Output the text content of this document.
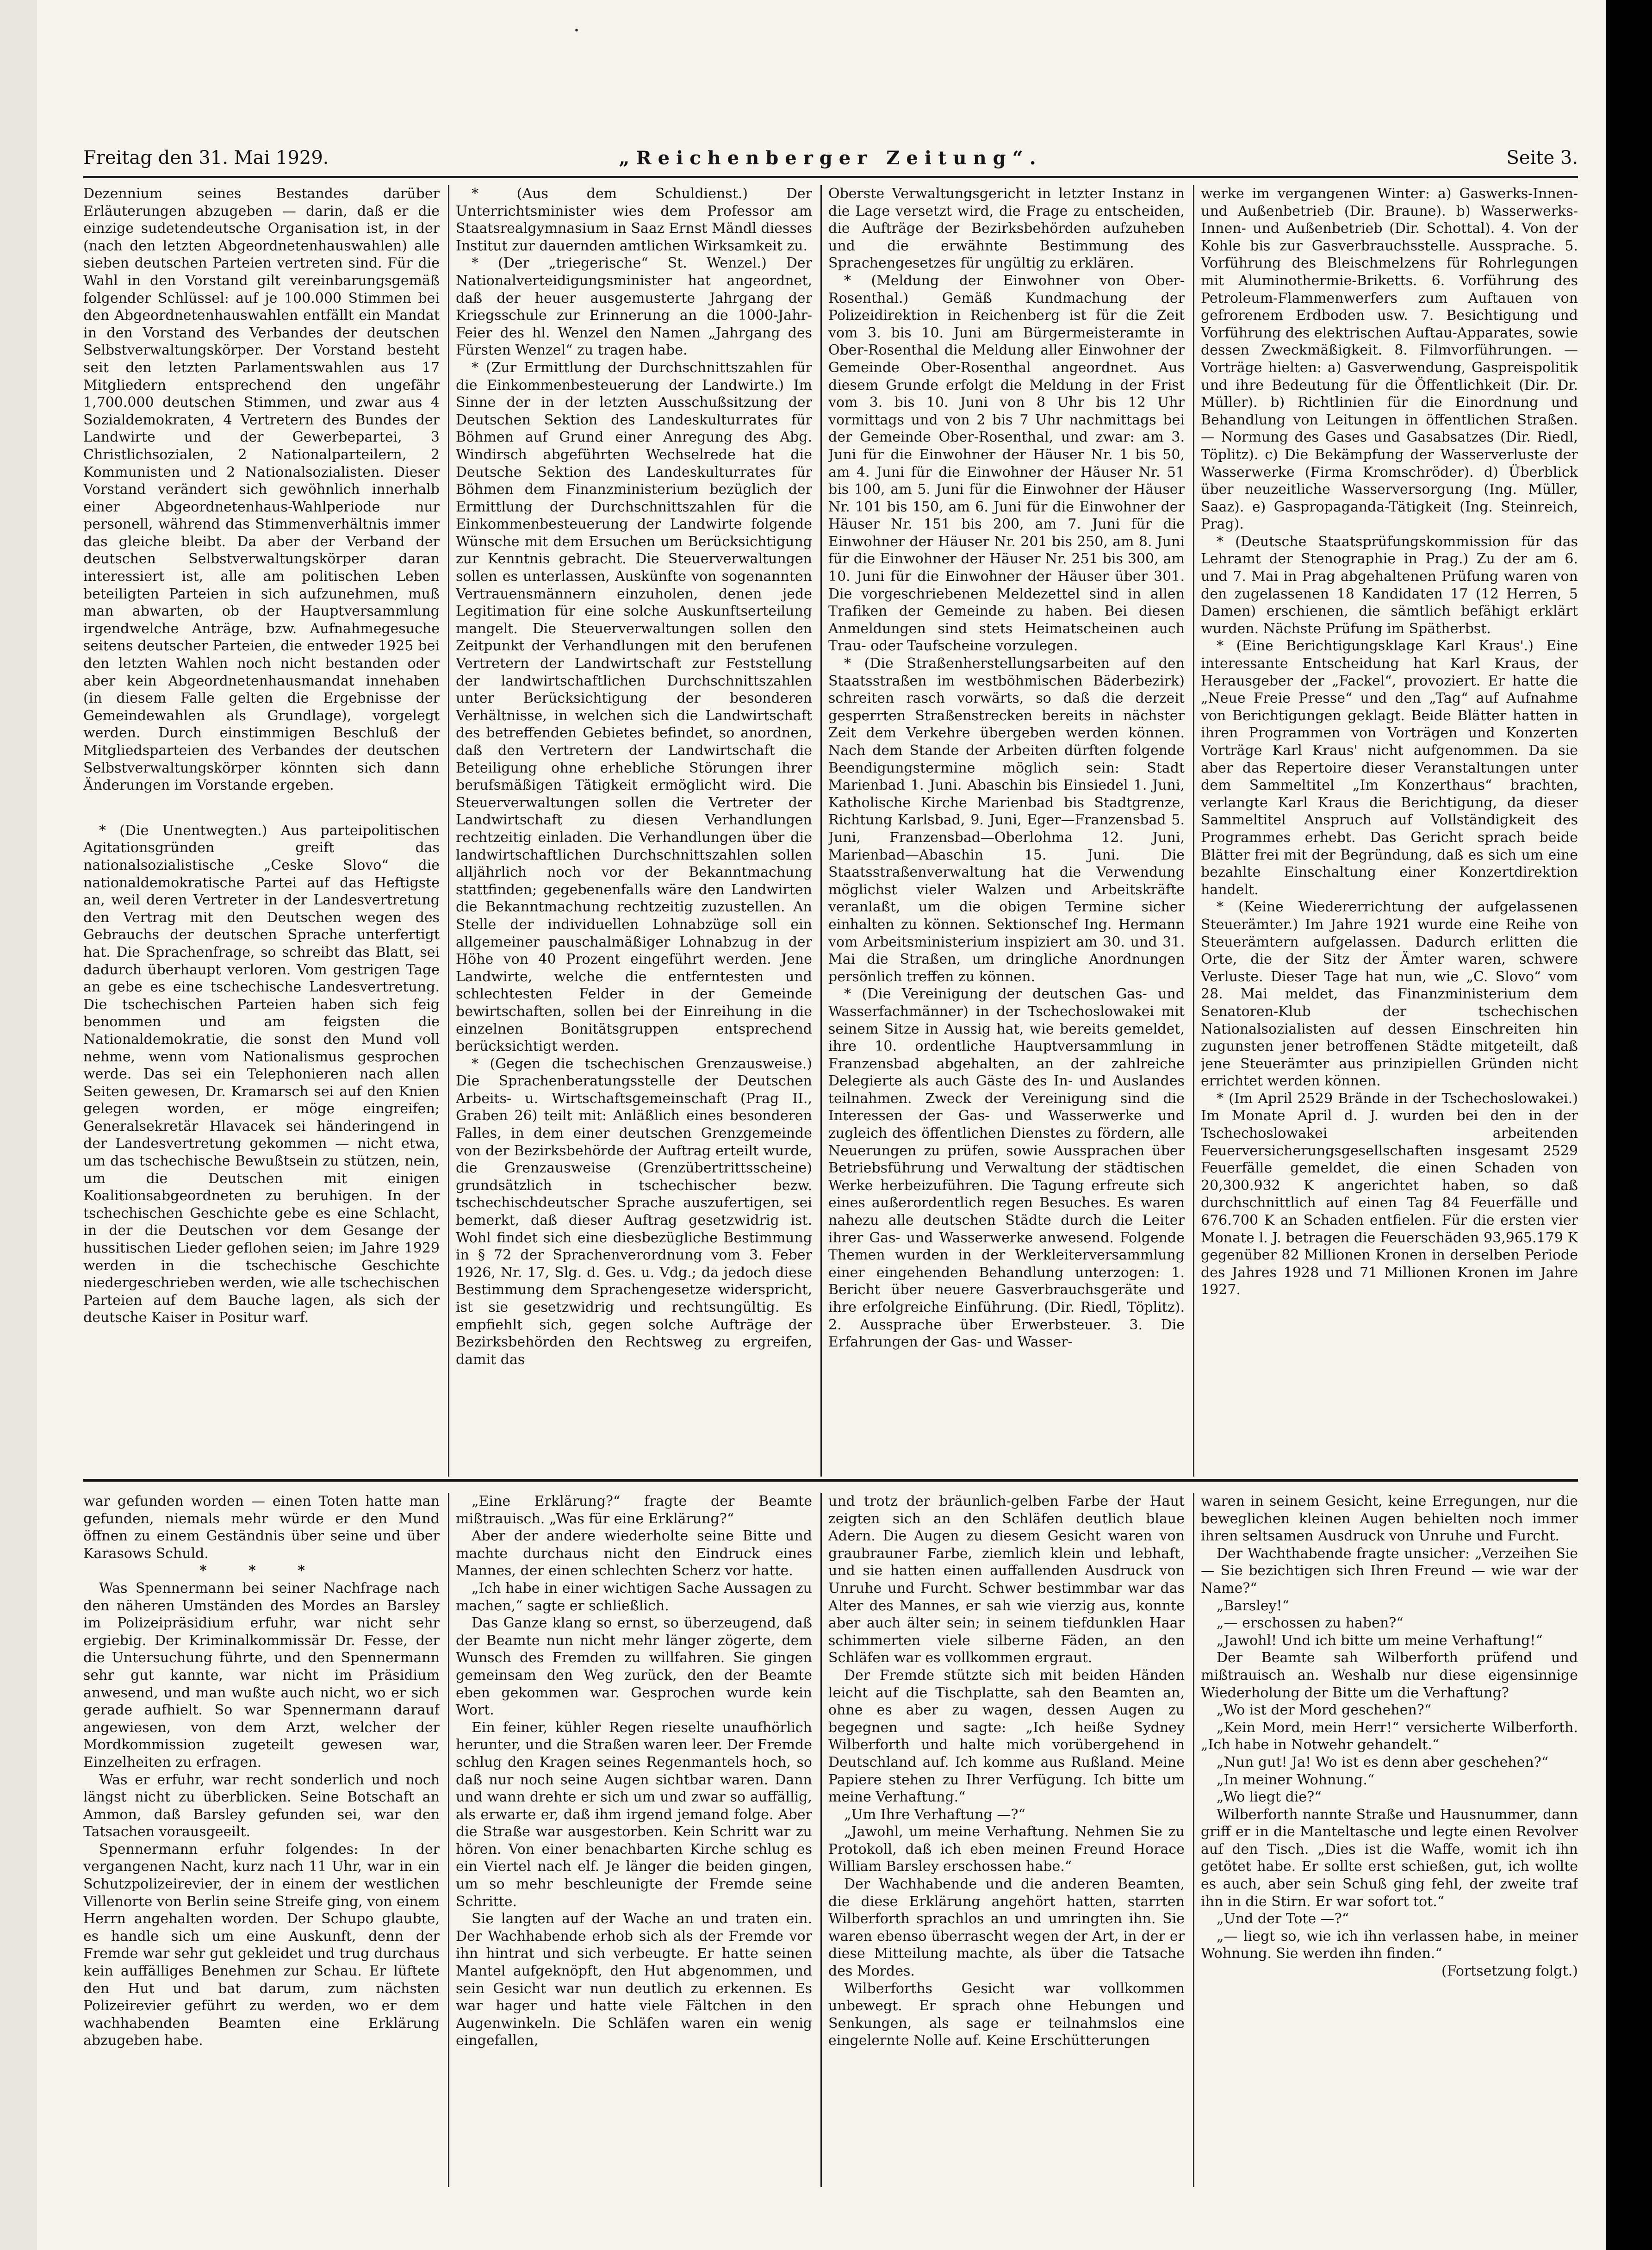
Freitag den 31. Mai 1929.	„Reichenberger Zeitung“.	Seite 3.

Dezennium seines Bestandes darüber Erläuterungen abzugeben — darin, daß er die einzige sudetendeutsche Organisation ist, in der (nach den letzten Abgeordnetenhauswahlen) alle sieben deutschen Parteien vertreten sind. Für die Wahl in den Vorstand gilt vereinbarungsgemäß folgender Schlüssel: auf je 100.000 Stimmen bei den Abgeordnetenhauswahlen entfällt ein Mandat in den Vorstand des Verbandes der deutschen Selbstverwaltungskörper. Der Vorstand besteht seit den letzten Parlamentswahlen aus 17 Mitgliedern entsprechend den ungefähr 1,700.000 deutschen Stimmen, und zwar aus 4 Sozialdemokraten, 4 Vertretern des Bundes der Landwirte und der Gewerbepartei, 3 Christlichsozialen, 2 Nationalparteilern, 2 Kommunisten und 2 Nationalsozialisten. Dieser Vorstand verändert sich gewöhnlich innerhalb einer Abgeordnetenhaus-Wahlperiode nur personell, während das Stimmenverhältnis immer das gleiche bleibt. Da aber der Verband der deutschen Selbstverwaltungskörper daran interessiert ist, alle am politischen Leben beteiligten Parteien in sich aufzunehmen, muß man abwarten, ob der Hauptversammlung irgendwelche Anträge, bzw. Aufnahmegesuche seitens deutscher Parteien, die entweder 1925 bei den letzten Wahlen noch nicht bestanden oder aber kein Abgeordnetenhausmandat innehaben (in diesem Falle gelten die Ergebnisse der Gemeindewahlen als Grundlage), vorgelegt werden. Durch einstimmigen Beschluß der Mitgliedsparteien des Verbandes der deutschen Selbstverwaltungskörper könnten sich dann Änderungen im Vorstande ergeben.

* (Die Unentwegten.) Aus parteipolitischen Agitationsgründen greift das nationalsozialistische „Ceske Slovo“ die nationaldemokratische Partei auf das Heftigste an, weil deren Vertreter in der Landesvertretung den Vertrag mit den Deutschen wegen des Gebrauchs der deutschen Sprache unterfertigt hat. Die Sprachenfrage, so schreibt das Blatt, sei dadurch überhaupt verloren. Vom gestrigen Tage an gebe es eine tschechische Landesvertretung. Die tschechischen Parteien haben sich feig benommen und am feigsten die Nationaldemokratie, die sonst den Mund voll nehme, wenn vom Nationalismus gesprochen werde. Das sei ein Telephonieren nach allen Seiten gewesen, Dr. Kramarsch sei auf den Knien gelegen worden, er möge eingreifen; Generalsekretär Hlavacek sei händeringend in der Landesvertretung gekommen — nicht etwa, um das tschechische Bewußtsein zu stützen, nein, um die Deutschen mit einigen Koalitionsabgeordneten zu beruhigen. In der tschechischen Geschichte gebe es eine Schlacht, in der die Deutschen vor dem Gesange der hussitischen Lieder geflohen seien; im Jahre 1929 werden in die tschechische Geschichte niedergeschrieben werden, wie alle tschechischen Parteien auf dem Bauche lagen, als sich der deutsche Kaiser in Positur warf.

* (Aus dem Schuldienst.) Der Unterrichtsminister wies dem Professor am Staatsrealgymnasium in Saaz Ernst Mändl diesses Institut zur dauernden amtlichen Wirksamkeit zu.

* (Der „triegerische“ St. Wenzel.) Der Nationalverteidigungsminister hat angeordnet, daß der heuer ausgemusterte Jahrgang der Kriegsschule zur Erinnerung an die 1000-Jahr-Feier des hl. Wenzel den Namen „Jahrgang des Fürsten Wenzel“ zu tragen habe.

* (Zur Ermittlung der Durchschnittszahlen für die Einkommenbesteuerung der Landwirte.) Im Sinne der in der letzten Ausschußsitzung der Deutschen Sektion des Landeskulturrates für Böhmen auf Grund einer Anregung des Abg. Windirsch abgeführten Wechselrede hat die Deutsche Sektion des Landeskulturrates für Böhmen dem Finanzministerium bezüglich der Ermittlung der Durchschnittszahlen für die Einkommenbesteuerung der Landwirte folgende Wünsche mit dem Ersuchen um Berücksichtigung zur Kenntnis gebracht. Die Steuerverwaltungen sollen es unterlassen, Auskünfte von sogenannten Vertrauensmännern einzuholen, denen jede Legitimation für eine solche Auskunftserteilung mangelt. Die Steuerverwaltungen sollen den Zeitpunkt der Verhandlungen mit den berufenen Vertretern der Landwirtschaft zur Feststellung der landwirtschaftlichen Durchschnittszahlen unter Berücksichtigung der besonderen Verhältnisse, in welchen sich die Landwirtschaft des betreffenden Gebietes befindet, so anordnen, daß den Vertretern der Landwirtschaft die Beteiligung ohne erhebliche Störungen ihrer berufsmäßigen Tätigkeit ermöglicht wird. Die Steuerverwaltungen sollen die Vertreter der Landwirtschaft zu diesen Verhandlungen rechtzeitig einladen. Die Verhandlungen über die landwirtschaftlichen Durchschnittszahlen sollen alljährlich noch vor der Bekanntmachung stattfinden; gegebenenfalls wäre den Landwirten die Bekanntmachung rechtzeitig zuzustellen. An Stelle der individuellen Lohnabzüge soll ein allgemeiner pauschalmäßiger Lohnabzug in der Höhe von 40 Prozent eingeführt werden. Jene Landwirte, welche die entferntesten und schlechtesten Felder in der Gemeinde bewirtschaften, sollen bei der Einreihung in die einzelnen Bonitätsgruppen entsprechend berücksichtigt werden.

* (Gegen die tschechischen Grenzausweise.) Die Sprachenberatungsstelle der Deutschen Arbeits- u. Wirtschaftsgemeinschaft (Prag II., Graben 26) teilt mit: Anläßlich eines besonderen Falles, in dem einer deutschen Grenzgemeinde von der Bezirksbehörde der Auftrag erteilt wurde, die Grenzausweise (Grenzübertrittsscheine) grundsätzlich in tschechischer bezw. tschechischdeutscher Sprache auszufertigen, sei bemerkt, daß dieser Auftrag gesetzwidrig ist. Wohl findet sich eine diesbezügliche Bestimmung in § 72 der Sprachenverordnung vom 3. Feber 1926, Nr. 17, Slg. d. Ges. u. Vdg.; da jedoch diese Bestimmung dem Sprachengesetze widerspricht, ist sie gesetzwidrig und rechtsungültig. Es empfiehlt sich, gegen solche Aufträge der Bezirksbehörden den Rechtsweg zu ergreifen, damit das

Oberste Verwaltungsgericht in letzter Instanz in die Lage versetzt wird, die Frage zu entscheiden, die Aufträge der Bezirksbehörden aufzuheben und die erwähnte Bestimmung des Sprachengesetzes für ungültig zu erklären.

* (Meldung der Einwohner von Ober-Rosenthal.) Gemäß Kundmachung der Polizeidirektion in Reichenberg ist für die Zeit vom 3. bis 10. Juni am Bürgermeisteramte in Ober-Rosenthal die Meldung aller Einwohner der Gemeinde Ober-Rosenthal angeordnet. Aus diesem Grunde erfolgt die Meldung in der Frist vom 3. bis 10. Juni von 8 Uhr bis 12 Uhr vormittags und von 2 bis 7 Uhr nachmittags bei der Gemeinde Ober-Rosenthal, und zwar: am 3. Juni für die Einwohner der Häuser Nr. 1 bis 50, am 4. Juni für die Einwohner der Häuser Nr. 51 bis 100, am 5. Juni für die Einwohner der Häuser Nr. 101 bis 150, am 6. Juni für die Einwohner der Häuser Nr. 151 bis 200, am 7. Juni für die Einwohner der Häuser Nr. 201 bis 250, am 8. Juni für die Einwohner der Häuser Nr. 251 bis 300, am 10. Juni für die Einwohner der Häuser über 301. Die vorgeschriebenen Meldezettel sind in allen Trafiken der Gemeinde zu haben. Bei diesen Anmeldungen sind stets Heimatscheinen auch Trau- oder Taufscheine vorzulegen.

* (Die Straßenherstellungsarbeiten auf den Staatsstraßen im westböhmischen Bäderbezirk) schreiten rasch vorwärts, so daß die derzeit gesperrten Straßenstrecken bereits in nächster Zeit dem Verkehre übergeben werden können. Nach dem Stande der Arbeiten dürften folgende Beendigungstermine möglich sein: Stadt Marienbad 1. Juni. Abaschin bis Einsiedel 1. Juni, Katholische Kirche Marienbad bis Stadtgrenze, Richtung Karlsbad, 9. Juni, Eger—Franzensbad 5. Juni, Franzensbad—Oberlohma 12. Juni, Marienbad—Abaschin 15. Juni. Die Staatsstraßenverwaltung hat die Verwendung möglichst vieler Walzen und Arbeitskräfte veranlaßt, um die obigen Termine sicher einhalten zu können. Sektionschef Ing. Hermann vom Arbeitsministerium inspiziert am 30. und 31. Mai die Straßen, um dringliche Anordnungen persönlich treffen zu können.

* (Die Vereinigung der deutschen Gas- und Wasserfachmänner) in der Tschechoslowakei mit seinem Sitze in Aussig hat, wie bereits gemeldet, ihre 10. ordentliche Hauptversammlung in Franzensbad abgehalten, an der zahlreiche Delegierte als auch Gäste des In- und Auslandes teilnahmen. Zweck der Vereinigung sind die Interessen der Gas- und Wasserwerke und zugleich des öffentlichen Dienstes zu fördern, alle Neuerungen zu prüfen, sowie Aussprachen über Betriebsführung und Verwaltung der städtischen Werke herbeizuführen. Die Tagung erfreute sich eines außerordentlich regen Besuches. Es waren nahezu alle deutschen Städte durch die Leiter ihrer Gas- und Wasserwerke anwesend. Folgende Themen wurden in der Werkleiterversammlung einer eingehenden Behandlung unterzogen: 1. Bericht über neuere Gasverbrauchsgeräte und ihre erfolgreiche Einführung. (Dir. Riedl, Töplitz). 2. Aussprache über Erwerbsteuer. 3. Die Erfahrungen der Gas- und Wasser-

werke im vergangenen Winter: a) Gaswerks-Innen- und Außenbetrieb (Dir. Braune). b) Wasserwerks-Innen- und Außenbetrieb (Dir. Schottal). 4. Von der Kohle bis zur Gasverbrauchsstelle. Aussprache. 5. Vorführung des Bleischmelzens für Rohrlegungen mit Aluminothermie-Briketts. 6. Vorführung des Petroleum-Flammenwerfers zum Auftauen von gefrorenem Erdboden usw. 7. Besichtigung und Vorführung des elektrischen Auftau-Apparates, sowie dessen Zweckmäßigkeit. 8. Filmvorführungen. — Vorträge hielten: a) Gasverwendung, Gaspreispolitik und ihre Bedeutung für die Öffentlichkeit (Dir. Dr. Müller). b) Richtlinien für die Einordnung und Behandlung von Leitungen in öffentlichen Straßen. — Normung des Gases und Gasabsatzes (Dir. Riedl, Töplitz). c) Die Bekämpfung der Wasserverluste der Wasserwerke (Firma Kromschröder). d) Überblick über neuzeitliche Wasserversorgung (Ing. Müller, Saaz). e) Gaspropaganda-Tätigkeit (Ing. Steinreich, Prag).

* (Deutsche Staatsprüfungskommission für das Lehramt der Stenographie in Prag.) Zu der am 6. und 7. Mai in Prag abgehaltenen Prüfung waren von den zugelassenen 18 Kandidaten 17 (12 Herren, 5 Damen) erschienen, die sämtlich befähigt erklärt wurden. Nächste Prüfung im Spätherbst.

* (Eine Berichtigungsklage Karl Kraus'.) Eine interessante Entscheidung hat Karl Kraus, der Herausgeber der „Fackel“, provoziert. Er hatte die „Neue Freie Presse“ und den „Tag“ auf Aufnahme von Berichtigungen geklagt. Beide Blätter hatten in ihren Programmen von Vorträgen und Konzerten Vorträge Karl Kraus' nicht aufgenommen. Da sie aber das Repertoire dieser Veranstaltungen unter dem Sammeltitel „Im Konzerthaus“ brachten, verlangte Karl Kraus die Berichtigung, da dieser Sammeltitel Anspruch auf Vollständigkeit des Programmes erhebt. Das Gericht sprach beide Blätter frei mit der Begründung, daß es sich um eine bezahlte Einschaltung einer Konzertdirektion handelt.

* (Keine Wiedererrichtung der aufgelassenen Steuerämter.) Im Jahre 1921 wurde eine Reihe von Steuerämtern aufgelassen. Dadurch erlitten die Orte, die der Sitz der Ämter waren, schwere Verluste. Dieser Tage hat nun, wie „C. Slovo“ vom 28. Mai meldet, das Finanzministerium dem Senatoren-Klub der tschechischen Nationalsozialisten auf dessen Einschreiten hin zugunsten jener betroffenen Städte mitgeteilt, daß jene Steuerämter aus prinzipiellen Gründen nicht errichtet werden können.

* (Im April 2529 Brände in der Tschechoslowakei.) Im Monate April d. J. wurden bei den in der Tschechoslowakei arbeitenden Feuerversicherungsgesellschaften insgesamt 2529 Feuerfälle gemeldet, die einen Schaden von 20,300.932 K angerichtet haben, so daß durchschnittlich auf einen Tag 84 Feuerfälle und 676.700 K an Schaden entfielen. Für die ersten vier Monate l. J. betragen die Feuerschäden 93,965.179 K gegenüber 82 Millionen Kronen in derselben Periode des Jahres 1928 und 71 Millionen Kronen im Jahre 1927.

war gefunden worden — einen Toten hatte man gefunden, niemals mehr würde er den Mund öffnen zu einem Geständnis über seine und über Karasows Schuld.

* * *

Was Spennermann bei seiner Nachfrage nach den näheren Umständen des Mordes an Barsley im Polizeipräsidium erfuhr, war nicht sehr ergiebig. Der Kriminalkommissär Dr. Fesse, der die Untersuchung führte, und den Spennermann sehr gut kannte, war nicht im Präsidium anwesend, und man wußte auch nicht, wo er sich gerade aufhielt. So war Spennermann darauf angewiesen, von dem Arzt, welcher der Mordkommission zugeteilt gewesen war, Einzelheiten zu erfragen.

Was er erfuhr, war recht sonderlich und noch längst nicht zu überblicken. Seine Botschaft an Ammon, daß Barsley gefunden sei, war den Tatsachen vorausgeeilt.

Spennermann erfuhr folgendes: In der vergangenen Nacht, kurz nach 11 Uhr, war in ein Schutzpolizeirevier, der in einem der westlichen Villenorte von Berlin seine Streife ging, von einem Herrn angehalten worden. Der Schupo glaubte, es handle sich um eine Auskunft, denn der Fremde war sehr gut gekleidet und trug durchaus kein auffälliges Benehmen zur Schau. Er lüftete den Hut und bat darum, zum nächsten Polizeirevier geführt zu werden, wo er dem wachhabenden Beamten eine Erklärung abzugeben habe.

„Eine Erklärung?“ fragte der Beamte mißtrauisch. „Was für eine Erklärung?“

Aber der andere wiederholte seine Bitte und machte durchaus nicht den Eindruck eines Mannes, der einen schlechten Scherz vor hatte.

„Ich habe in einer wichtigen Sache Aussagen zu machen,“ sagte er schließlich.

Das Ganze klang so ernst, so überzeugend, daß der Beamte nun nicht mehr länger zögerte, dem Wunsch des Fremden zu willfahren. Sie gingen gemeinsam den Weg zurück, den der Beamte eben gekommen war. Gesprochen wurde kein Wort.

Ein feiner, kühler Regen rieselte unaufhörlich herunter, und die Straßen waren leer. Der Fremde schlug den Kragen seines Regenmantels hoch, so daß nur noch seine Augen sichtbar waren. Dann und wann drehte er sich um und zwar so auffällig, als erwarte er, daß ihm irgend jemand folge. Aber die Straße war ausgestorben. Kein Schritt war zu hören. Von einer benachbarten Kirche schlug es ein Viertel nach elf. Je länger die beiden gingen, um so mehr beschleunigte der Fremde seine Schritte.

Sie langten auf der Wache an und traten ein. Der Wachhabende erhob sich als der Fremde vor ihn hintrat und sich verbeugte. Er hatte seinen Mantel aufgeknöpft, den Hut abgenommen, und sein Gesicht war nun deutlich zu erkennen. Es war hager und hatte viele Fältchen in den Augenwinkeln. Die Schläfen waren ein wenig eingefallen,

und trotz der bräunlich-gelben Farbe der Haut zeigten sich an den Schläfen deutlich blaue Adern. Die Augen zu diesem Gesicht waren von graubrauner Farbe, ziemlich klein und lebhaft, und sie hatten einen auffallenden Ausdruck von Unruhe und Furcht. Schwer bestimmbar war das Alter des Mannes, er sah wie vierzig aus, konnte aber auch älter sein; in seinem tiefdunklen Haar schimmerten viele silberne Fäden, an den Schläfen war es vollkommen ergraut.

Der Fremde stützte sich mit beiden Händen leicht auf die Tischplatte, sah den Beamten an, ohne es aber zu wagen, dessen Augen zu begegnen und sagte: „Ich heiße Sydney Wilberforth und halte mich vorübergehend in Deutschland auf. Ich komme aus Rußland. Meine Papiere stehen zu Ihrer Verfügung. Ich bitte um meine Verhaftung.“

„Um Ihre Verhaftung —?“

„Jawohl, um meine Verhaftung. Nehmen Sie zu Protokoll, daß ich eben meinen Freund Horace William Barsley erschossen habe.“

Der Wachhabende und die anderen Beamten, die diese Erklärung angehört hatten, starrten Wilberforth sprachlos an und umringten ihn. Sie waren ebenso überrascht wegen der Art, in der er diese Mitteilung machte, als über die Tatsache des Mordes.

Wilberforths Gesicht war vollkommen unbewegt. Er sprach ohne Hebungen und Senkungen, als sage er teilnahmslos eine eingelernte Nolle auf. Keine Erschütterungen

waren in seinem Gesicht, keine Erregungen, nur die beweglichen kleinen Augen behielten noch immer ihren seltsamen Ausdruck von Unruhe und Furcht.

Der Wachthabende fragte unsicher: „Verzeihen Sie — Sie bezichtigen sich Ihren Freund — wie war der Name?“

„Barsley!“

„— erschossen zu haben?“

„Jawohl! Und ich bitte um meine Verhaftung!“

Der Beamte sah Wilberforth prüfend und mißtrauisch an. Weshalb nur diese eigensinnige Wiederholung der Bitte um die Verhaftung?

„Wo ist der Mord geschehen?“

„Kein Mord, mein Herr!“ versicherte Wilberforth. „Ich habe in Notwehr gehandelt.“

„Nun gut! Ja! Wo ist es denn aber geschehen?“

„In meiner Wohnung.“

„Wo liegt die?“

Wilberforth nannte Straße und Hausnummer, dann griff er in die Manteltasche und legte einen Revolver auf den Tisch. „Dies ist die Waffe, womit ich ihn getötet habe. Er sollte erst schießen, gut, ich wollte es auch, aber sein Schuß ging fehl, der zweite traf ihn in die Stirn. Er war sofort tot.“

„Und der Tote —?“

„— liegt so, wie ich ihn verlassen habe, in meiner Wohnung. Sie werden ihn finden.“

(Fortsetzung folgt.)
